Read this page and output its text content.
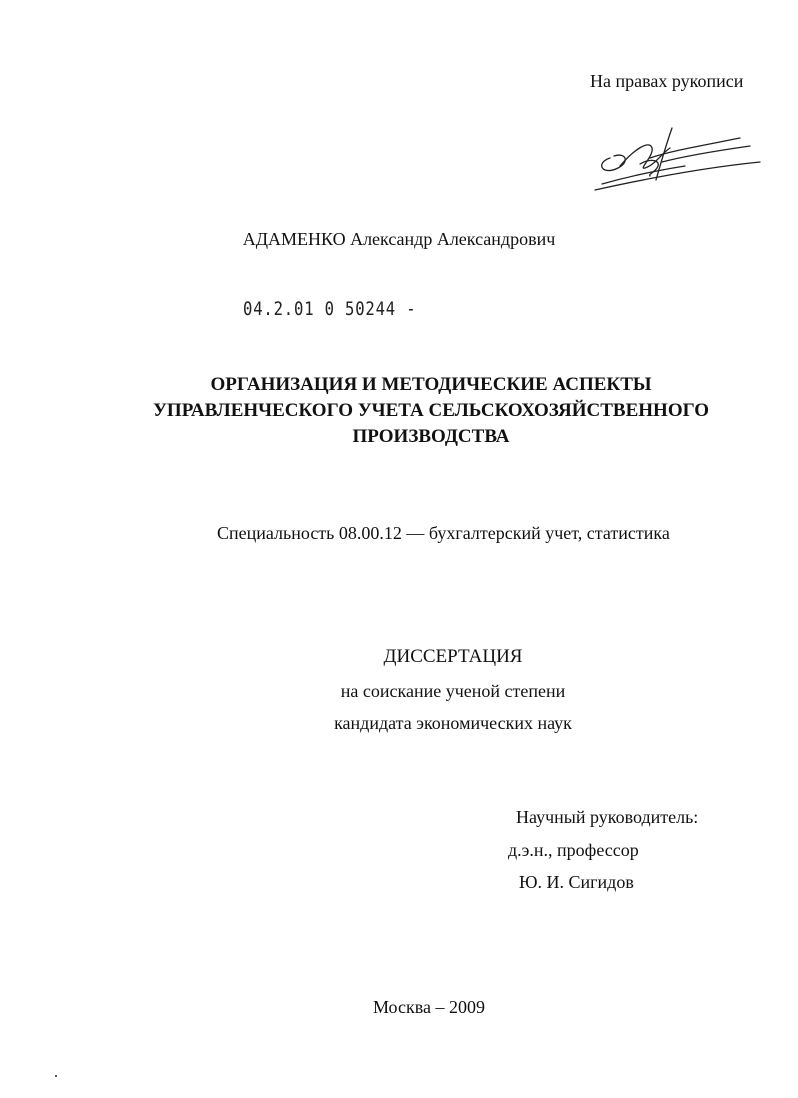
На правах рукописи
АДАМЕНКО Александр Александрович
04.2.01 0 50244 -
ОРГАНИЗАЦИЯ И МЕТОДИЧЕСКИЕ АСПЕКТЫ
УПРАВЛЕНЧЕСКОГО УЧЕТА СЕЛЬСКОХОЗЯЙСТВЕННОГО
ПРОИЗВОДСТВА
Специальность 08.00.12 — бухгалтерский учет, статистика
ДИССЕРТАЦИЯ
на соискание ученой степени
кандидата экономических наук
Научный руководитель:
д.э.н., профессор
Ю. И. Сигидов
Москва – 2009
